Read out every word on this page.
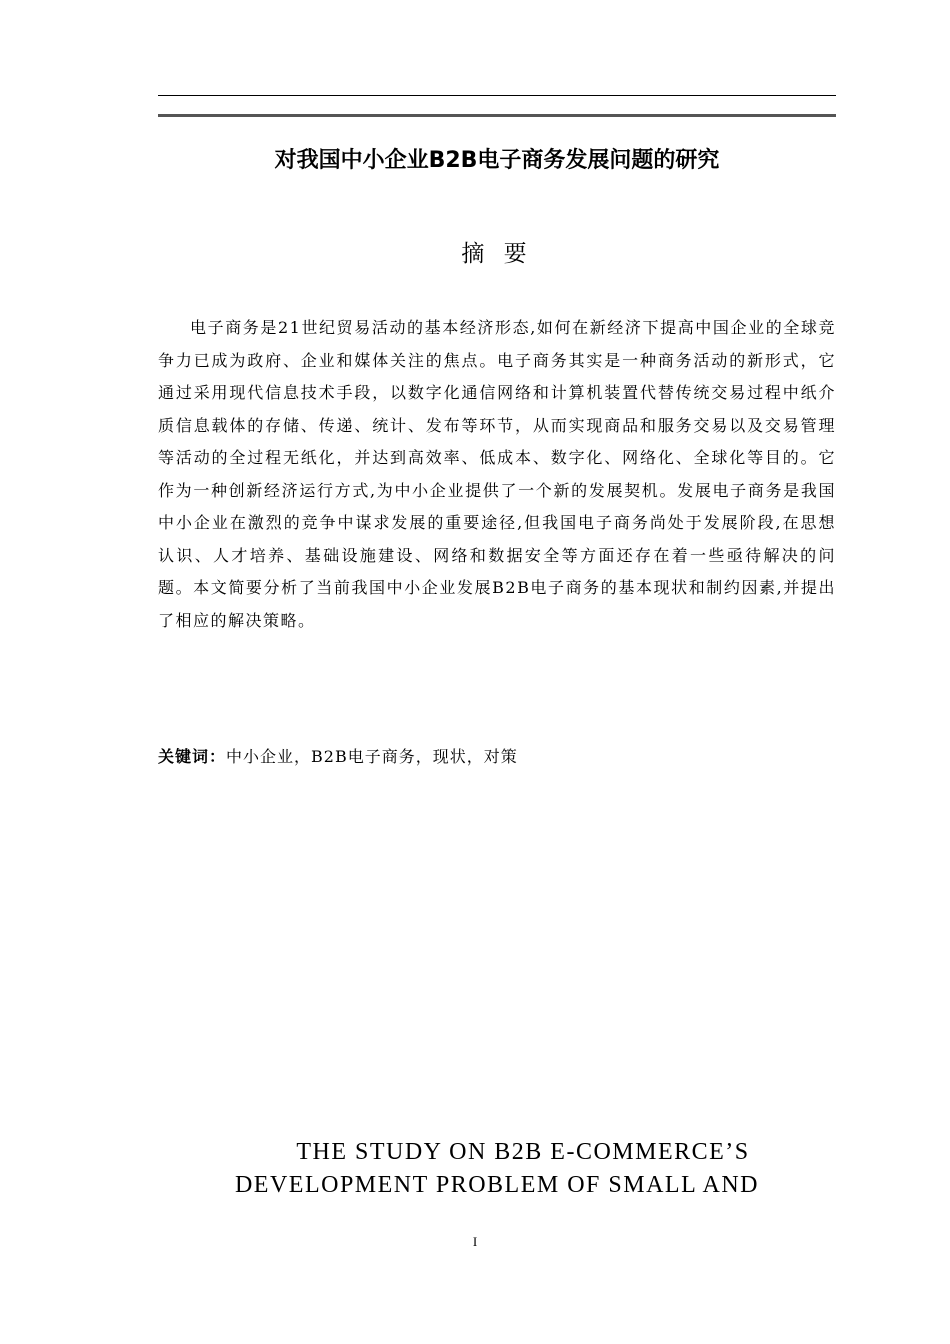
对我国中小企业B2B电子商务发展问题的研究
摘 要

电子商务是21世纪贸易活动的基本经济形态,如何在新经济下提高中国企业的全球竞争力已成为政府、企业和媒体关注的焦点。电子商务其实是一种商务活动的新形式，它通过采用现代信息技术手段，以数字化通信网络和计算机装置代替传统交易过程中纸介质信息载体的存储、传递、统计、发布等环节，从而实现商品和服务交易以及交易管理等活动的全过程无纸化，并达到高效率、低成本、数字化、网络化、全球化等目的。它作为一种创新经济运行方式,为中小企业提供了一个新的发展契机。发展电子商务是我国中小企业在激烈的竞争中谋求发展的重要途径,但我国电子商务尚处于发展阶段,在思想认识、人才培养、基础设施建设、网络和数据安全等方面还存在着一些亟待解决的问题。本文简要分析了当前我国中小企业发展B2B电子商务的基本现状和制约因素,并提出了相应的解决策略。

关键词：中小企业，B2B电子商务，现状，对策
THE STUDY ON B2B E-COMMERCE’S
DEVELOPMENT PROBLEM OF SMALL AND
I
